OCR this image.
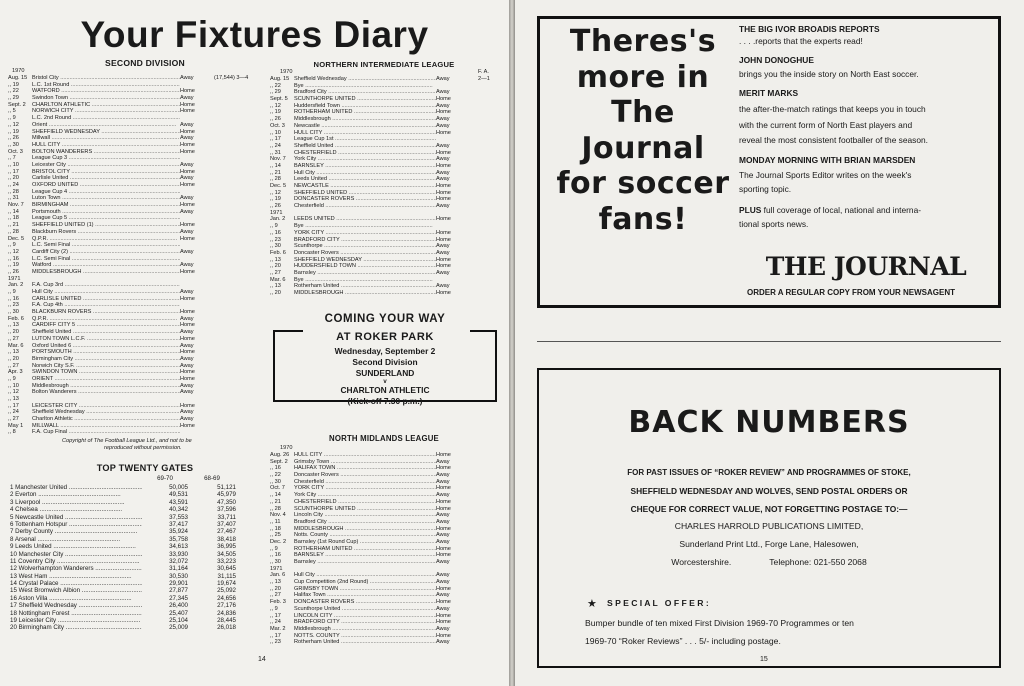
Your Fixtures Diary
SECOND DIVISION
1970
Aug. 15 Bristol City .....	Away	(17,544) 3—4
,, 19	L.C. 1st Round .....
,, 22	WATFORD .....	Home
,, 29	Swindon Town .....	Away
Sept. 2	CHARLTON ATHLETIC .....	Home
,, 5	NORWICH CITY .....	Home
,, 9	L.C. 2nd Round .....
,, 12	Orient .....	Away
,, 19	SHEFFIELD WEDNESDAY .....	Home
,, 26	Millwall .....	Away
,, 30	HULL CITY .....	Home
Oct. 3	BOLTON WANDERERS .....	Home
,, 7	League Cup 3 .....
,, 10	Leicester City .....	Away
,, 17	BRISTOL CITY .....	Home
,, 20	Carlisle United .....	Away
,, 24	OXFORD UNITED .....	Home
,, 28	League Cup 4 .....
,, 31	Luton Town .....	Away
Nov. 7	BIRMINGHAM .....	Home
,, 14	Portsmouth .....	Away
,, 18	League Cup 5 .....
,, 21	SHEFFIELD UNITED (1) .....	Home
,, 28	Blackburn Rovers .....	Away
Dec. 5	Q.P.R. .....	Home
,, 9	L.C. Semi Final .....
,, 12	Cardiff City (2) .....	Away
,, 16	L.C. Semi Final .....
,, 19	Watford .....	Away
,, 26	MIDDLESBROUGH .....	Home
1971
Jan. 2	F.A. Cup 3rd .....
,, 9	Hull City .....	Away
,, 16	CARLISLE UNITED .....	Home
,, 23	F.A. Cup 4th .....
,, 30	BLACKBURN ROVERS .....	Home
Feb. 6	Q.P.R. .....	Away
,, 13	CARDIFF CITY 5 .....	Home
,, 20	Sheffield United .....	Away
,, 27	LUTON TOWN L.C.F. .....	Home
Mar. 6	Oxford United 6 .....	Away
,, 13	PORTSMOUTH .....	Home
,, 20	Birmingham City .....	Away
,, 27	Norwich City S.F. .....	Away
Apr. 3	SWINDON TOWN .....	Home
,, 9	ORIENT .....	Home
,, 10	Middlesbrough .....	Away
,, 12	Bolton Wanderers .....	Away
,, 13
,, 17	LEICESTER CITY .....	Home
,, 24	Sheffield Wednesday .....	Away
,, 27	Charlton Athletic .....	Away
May 1	MILLWALL .....	Home
,, 8	F.A. Cup Final .....
Copyright of The Football League Ltd., and not to be
reproduced without permission.
TOP TWENTY GATES
69-70	68-69
1 Manchester United .....	50,005	51,121
2 Everton .....	49,531	45,979
3 Liverpool .....	43,591	47,350
4 Chelsea .....	40,342	37,596
5 Newcastle United .....	37,553	33,711
6 Tottenham Hotspur .....	37,417	37,407
7 Derby County .....	35,924	27,467
8 Arsenal .....	35,758	38,418
9 Leeds United .....	34,613	36,995
10 Manchester City .....	33,930	34,505
11 Coventry City .....	32,072	33,223
12 Wolverhampton Wanderers .....	31,164	30,645
13 West Ham .....	30,530	31,115
14 Crystal Palace .....	29,901	19,674
15 West Bromwich Albion .....	27,877	25,092
16 Aston Villa .....	27,345	24,656
17 Sheffield Wednesday .....	26,400	27,176
18 Nottingham Forest .....	25,407	24,836
19 Leicester City .....	25,104	28,445
20 Birmingham City .....	25,009	26,018
NORTHERN INTERMEDIATE LEAGUE
1970	F. A.
2—1
Aug. 15 Sheffield Wednesday .....	Away
,, 22	Bye .....
,, 29	Bradford City .....	Away
Sept. 5	SCUNTHORPE UNITED .....	Home
,, 12	Huddersfield Town .....	Away
,, 19	ROTHERHAM UNITED .....	Home
,, 26	Middlesbrough .....	Away
Oct. 3	Newcastle .....	Away
,, 10	HULL CITY .....	Home
,, 17	League Cup 1st .....
,, 24	Sheffield United .....	Away
,, 31	CHESTERFIELD .....	Home
Nov. 7	York City .....	Away
,, 14	BARNSLEY .....	Home
,, 21	Hull City .....	Away
,, 28	Leeds United .....	Away
Dec. 5	NEWCASTLE .....	Home
,, 12	SHEFFIELD UNITED .....	Home
,, 19	DONCASTER ROVERS .....	Home
,, 26	Chesterfield .....	Away
1971
Jan. 2	LEEDS UNITED .....	Home
,, 9	Bye .....
,, 16	YORK CITY .....	Home
,, 23	BRADFORD CITY .....	Home
,, 30	Scunthorpe .....	Away
Feb. 6	Doncaster Rovers .....	Away
,, 13	SHEFFIELD WEDNESDAY .....	Home
,, 20	HUDDERSFIELD TOWN .....	Home
,, 27	Barnsley .....	Away
Mar. 6	Bye .....
,, 13	Rotherham United .....	Away
,, 20	MIDDLESBROUGH .....	Home
COMING YOUR WAY
AT ROKER PARK
Wednesday, September 2
Second Division
SUNDERLAND
v
CHARLTON ATHLETIC
(Kick-off 7.30 p.m.)
NORTH MIDLANDS LEAGUE
1970
Aug. 26 HULL CITY .....	Home
Sept. 2	Grimsby Town .....	Away
,, 16	HALIFAX TOWN .....	Home
,, 22	Doncaster Rovers .....	Away
,, 30	Chesterfield .....	Away
Oct. 7	YORK CITY .....	Home
,, 14	York City .....	Away
,, 21	CHESTERFIELD .....	Home
,, 28	SCUNTHORPE UNITED .....	Home
Nov. 4	Lincoln City .....	Away
,, 11	Bradford City .....	Away
,, 18	MIDDLESBROUGH .....	Home
,, 25	Notts. County .....	Away
Dec. 2	Barnsley (1st Round Cup) .....	Away
,, 9	ROTHERHAM UNITED .....	Home
,, 16	BARNSLEY .....	Home
,, 30	Barnsley .....	Away
1971
Jan. 6	Hull City .....	Away
,, 13	Cup Competition (2nd Round) .....	Away
,, 20	GRIMSBY TOWN .....	Home
,, 27	Halifax Town .....	Away
Feb. 3	DONCASTER ROVERS .....	Home
,, 9	Scunthorpe United .....	Away
,, 17	LINCOLN CITY .....	Home
,, 24	BRADFORD CITY .....	Home
Mar. 2	Middlesbrough .....	Away
,, 17	NOTTS. COUNTY .....	Home
,, 23	Rotherham United .....	Away
14
Theres's
more in
The
Journal
for soccer
fans!
THE BIG IVOR BROADIS REPORTS
. . . .reports that the experts read!
JOHN DONOGHUE
brings you the inside story on North East soccer.
MERIT MARKS
the after-the-match ratings that keeps you in touch
with the current form of North East players and
reveal the most consistent footballer of the season.
MONDAY MORNING WITH BRIAN MARSDEN
The Journal Sports Editor writes on the week's
sporting topic.
PLUS full coverage of local, national and interna-
tional sports news.
THE JOURNAL
ORDER A REGULAR COPY FROM YOUR NEWSAGENT
BACK NUMBERS
FOR PAST ISSUES OF “ROKER REVIEW” AND PROGRAMMES OF STOKE,
SHEFFIELD WEDNESDAY AND WOLVES, SEND POSTAL ORDERS OR
CHEQUE FOR CORRECT VALUE, NOT FORGETTING POSTAGE TO:—
CHARLES HARROLD PUBLICATIONS LIMITED,
Sunderland Print Ltd., Forge Lane, Halesowen,
Worcestershire.	Telephone: 021-550 2068
★ S P E C I A L   O F F E R :
Bumper bundle of ten mixed First Division 1969-70 Programmes or ten
1969-70 “Roker Reviews” . . . 5/- including postage.
15
